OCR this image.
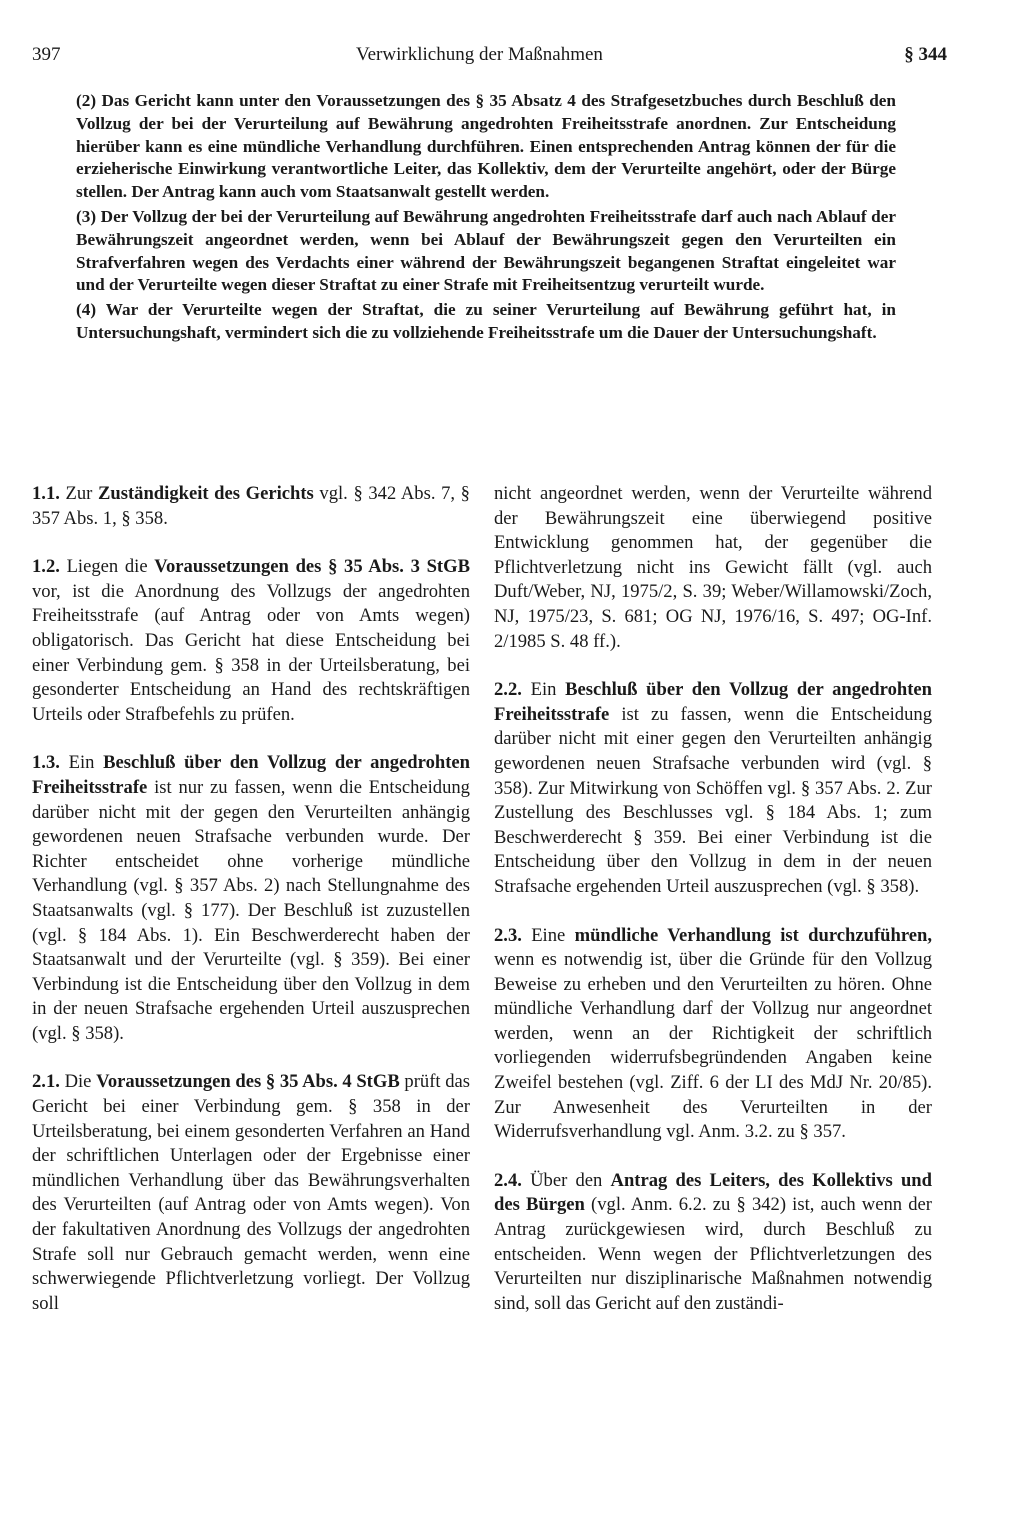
397	Verwirklichung der Maßnahmen	§ 344

(2) Das Gericht kann unter den Voraussetzungen des § 35 Absatz 4 des Strafgesetzbuches durch Beschluß den Vollzug der bei der Verurteilung auf Bewährung angedrohten Freiheitsstrafe anordnen. Zur Entscheidung hierüber kann es eine mündliche Verhandlung durchführen. Einen entsprechenden Antrag können der für die erzieherische Einwirkung verantwortliche Leiter, das Kollektiv, dem der Verurteilte angehört, oder der Bürge stellen. Der Antrag kann auch vom Staatsanwalt gestellt werden.

(3) Der Vollzug der bei der Verurteilung auf Bewährung angedrohten Freiheitsstrafe darf auch nach Ablauf der Bewährungszeit angeordnet werden, wenn bei Ablauf der Bewährungszeit gegen den Verurteilten ein Strafverfahren wegen des Verdachts einer während der Bewährungszeit begangenen Straftat eingeleitet war und der Verurteilte wegen dieser Straftat zu einer Strafe mit Freiheitsentzug verurteilt wurde.

(4) War der Verurteilte wegen der Straftat, die zu seiner Verurteilung auf Bewährung geführt hat, in Untersuchungshaft, vermindert sich die zu vollziehende Freiheitsstrafe um die Dauer der Untersuchungshaft.

1.1. Zur Zuständigkeit des Gerichts vgl. § 342 Abs. 7, § 357 Abs. 1, § 358.

1.2. Liegen die Voraussetzungen des § 35 Abs. 3 StGB vor, ist die Anordnung des Vollzugs der angedrohten Freiheitsstrafe (auf Antrag oder von Amts wegen) obligatorisch. Das Gericht hat diese Entscheidung bei einer Verbindung gem. § 358 in der Urteilsberatung, bei gesonderter Entscheidung an Hand des rechtskräftigen Urteils oder Strafbefehls zu prüfen.

1.3. Ein Beschluß über den Vollzug der angedrohten Freiheitsstrafe ist nur zu fassen, wenn die Entscheidung darüber nicht mit der gegen den Verurteilten anhängig gewordenen neuen Strafsache verbunden wurde. Der Richter entscheidet ohne vorherige mündliche Verhandlung (vgl. § 357 Abs. 2) nach Stellungnahme des Staatsanwalts (vgl. § 177). Der Beschluß ist zuzustellen (vgl. § 184 Abs. 1). Ein Beschwerderecht haben der Staatsanwalt und der Verurteilte (vgl. § 359). Bei einer Verbindung ist die Entscheidung über den Vollzug in dem in der neuen Strafsache ergehenden Urteil auszusprechen (vgl. § 358).

2.1. Die Voraussetzungen des § 35 Abs. 4 StGB prüft das Gericht bei einer Verbindung gem. § 358 in der Urteilsberatung, bei einem gesonderten Verfahren an Hand der schriftlichen Unterlagen oder der Ergebnisse einer mündlichen Verhandlung über das Bewährungsverhalten des Verurteilten (auf Antrag oder von Amts wegen). Von der fakultativen Anordnung des Vollzugs der angedrohten Strafe soll nur Gebrauch gemacht werden, wenn eine schwerwiegende Pflichtverletzung vorliegt. Der Vollzug soll

nicht angeordnet werden, wenn der Verurteilte während der Bewährungszeit eine überwiegend positive Entwicklung genommen hat, der gegenüber die Pflichtverletzung nicht ins Gewicht fällt (vgl. auch Duft/Weber, NJ, 1975/2, S. 39; Weber/Willamowski/Zoch, NJ, 1975/23, S. 681; OG NJ, 1976/16, S. 497; OG-Inf. 2/1985 S. 48 ff.).

2.2. Ein Beschluß über den Vollzug der angedrohten Freiheitsstrafe ist zu fassen, wenn die Entscheidung darüber nicht mit einer gegen den Verurteilten anhängig gewordenen neuen Strafsache verbunden wird (vgl. § 358). Zur Mitwirkung von Schöffen vgl. § 357 Abs. 2. Zur Zustellung des Beschlusses vgl. § 184 Abs. 1; zum Beschwerderecht § 359. Bei einer Verbindung ist die Entscheidung über den Vollzug in dem in der neuen Strafsache ergehenden Urteil auszusprechen (vgl. § 358).

2.3. Eine mündliche Verhandlung ist durchzuführen, wenn es notwendig ist, über die Gründe für den Vollzug Beweise zu erheben und den Verurteilten zu hören. Ohne mündliche Verhandlung darf der Vollzug nur angeordnet werden, wenn an der Richtigkeit der schriftlich vorliegenden widerrufsbegründenden Angaben keine Zweifel bestehen (vgl. Ziff. 6 der LI des MdJ Nr. 20/85). Zur Anwesenheit des Verurteilten in der Widerrufsverhandlung vgl. Anm. 3.2. zu § 357.

2.4. Über den Antrag des Leiters, des Kollektivs und des Bürgen (vgl. Anm. 6.2. zu § 342) ist, auch wenn der Antrag zurückgewiesen wird, durch Beschluß zu entscheiden. Wenn wegen der Pflichtverletzungen des Verurteilten nur disziplinarische Maßnahmen notwendig sind, soll das Gericht auf den zuständi-
